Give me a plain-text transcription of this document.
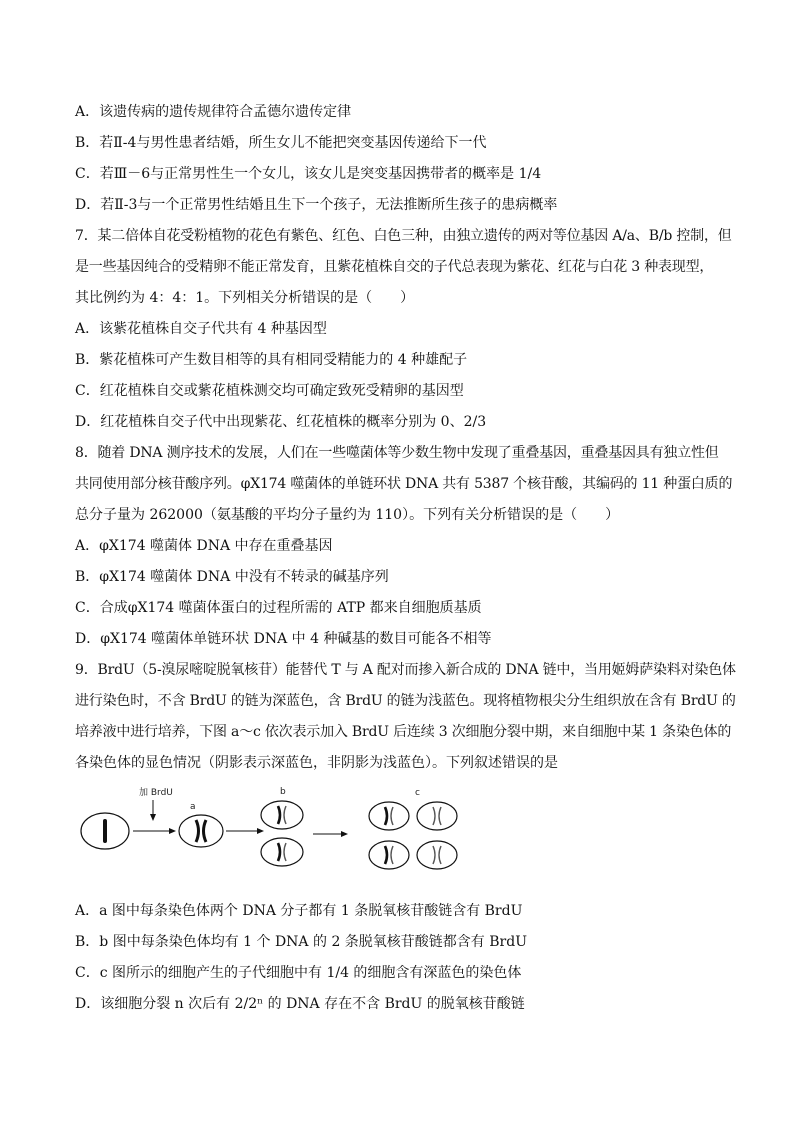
A．该遗传病的遗传规律符合孟德尔遗传定律
B．若Ⅱ-4与男性患者结婚，所生女儿不能把突变基因传递给下一代
C．若Ⅲ－6与正常男性生一个女儿，该女儿是突变基因携带者的概率是 1/4
D．若Ⅱ-3与一个正常男性结婚且生下一个孩子，无法推断所生孩子的患病概率
7．某二倍体自花受粉植物的花色有紫色、红色、白色三种，由独立遗传的两对等位基因 A/a、B/b 控制，但
是一些基因纯合的受精卵不能正常发育，且紫花植株自交的子代总表现为紫花、红花与白花 3 种表现型，
其比例约为 4：4：1。下列相关分析错误的是（　　）
A．该紫花植株自交子代共有 4 种基因型
B．紫花植株可产生数目相等的具有相同受精能力的 4 种雄配子
C．红花植株自交或紫花植株测交均可确定致死受精卵的基因型
D．红花植株自交子代中出现紫花、红花植株的概率分别为 0、2/3
8．随着 DNA 测序技术的发展，人们在一些噬菌体等少数生物中发现了重叠基因，重叠基因具有独立性但
共同使用部分核苷酸序列。φX174 噬菌体的单链环状 DNA 共有 5387 个核苷酸，其编码的 11 种蛋白质的
总分子量为 262000（氨基酸的平均分子量约为 110）。下列有关分析错误的是（　　）
A．φX174 噬菌体 DNA 中存在重叠基因
B．φX174 噬菌体 DNA 中没有不转录的碱基序列
C．合成φX174 噬菌体蛋白的过程所需的 ATP 都来自细胞质基质
D．φX174 噬菌体单链环状 DNA 中 4 种碱基的数目可能各不相等
9．BrdU（5-溴尿嘧啶脱氧核苷）能替代 T 与 A 配对而掺入新合成的 DNA 链中，当用姬姆萨染料对染色体
进行染色时，不含 BrdU 的链为深蓝色，含 BrdU 的链为浅蓝色。现将植物根尖分生组织放在含有 BrdU 的
培养液中进行培养，下图 a～c 依次表示加入 BrdU 后连续 3 次细胞分裂中期，来自细胞中某 1 条染色体的
各染色体的显色情况（阴影表示深蓝色，非阴影为浅蓝色）。下列叙述错误的是
加 BrdU
a
b	c
A．a 图中每条染色体两个 DNA 分子都有 1 条脱氧核苷酸链含有 BrdU
B．b 图中每条染色体均有 1 个 DNA 的 2 条脱氧核苷酸链都含有 BrdU
C．c 图所示的细胞产生的子代细胞中有 1/4 的细胞含有深蓝色的染色体
D．该细胞分裂 n 次后有 2/2ⁿ 的 DNA 存在不含 BrdU 的脱氧核苷酸链
